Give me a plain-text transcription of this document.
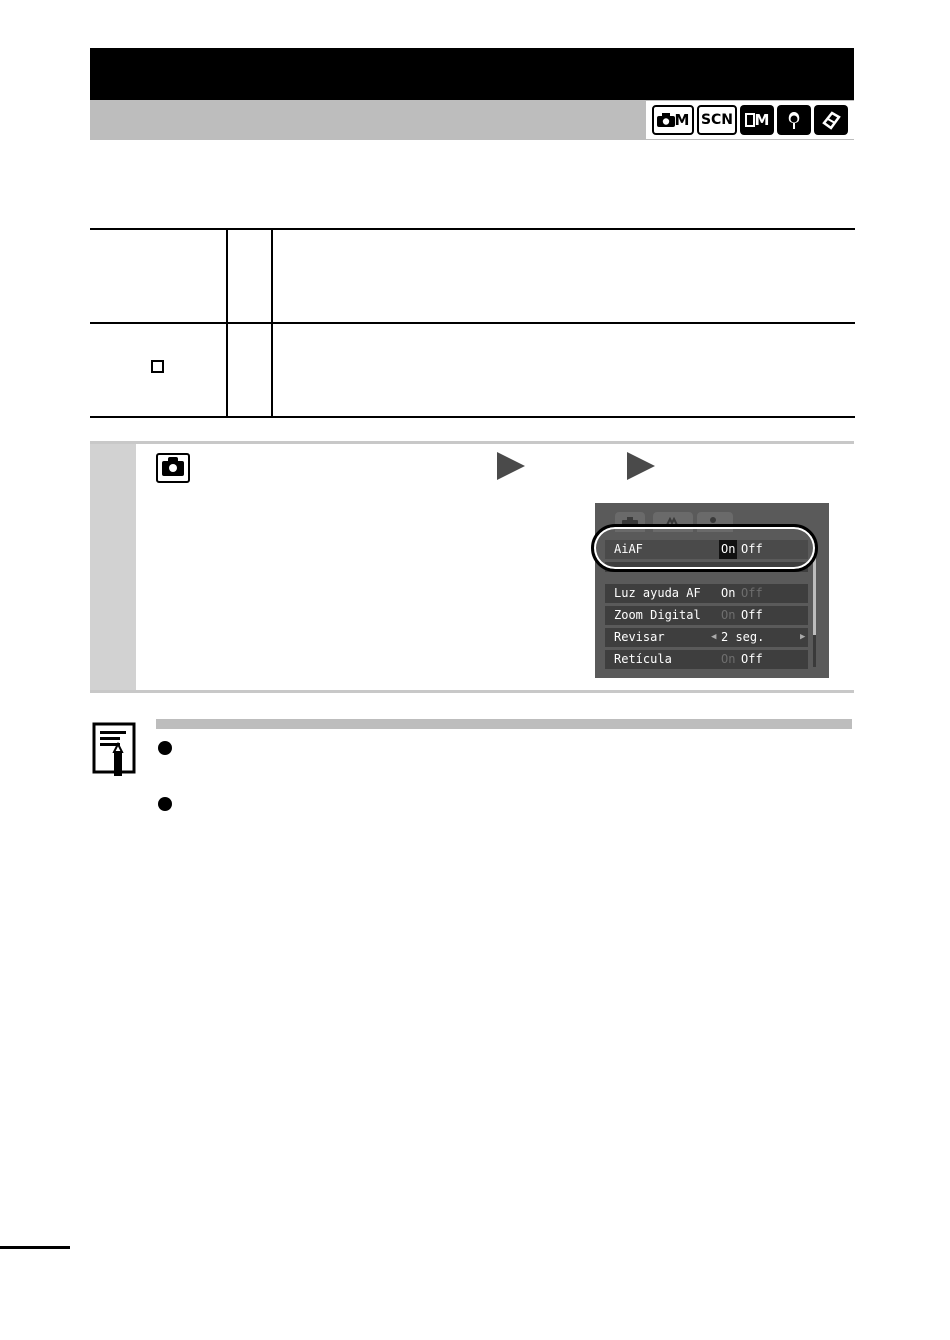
M SCN M
AiAF	On Off
Luz ayuda AF On Off
Zoom Digital On Off
Revisar	◀ 2 seg.	▶
Retícula	On Off
